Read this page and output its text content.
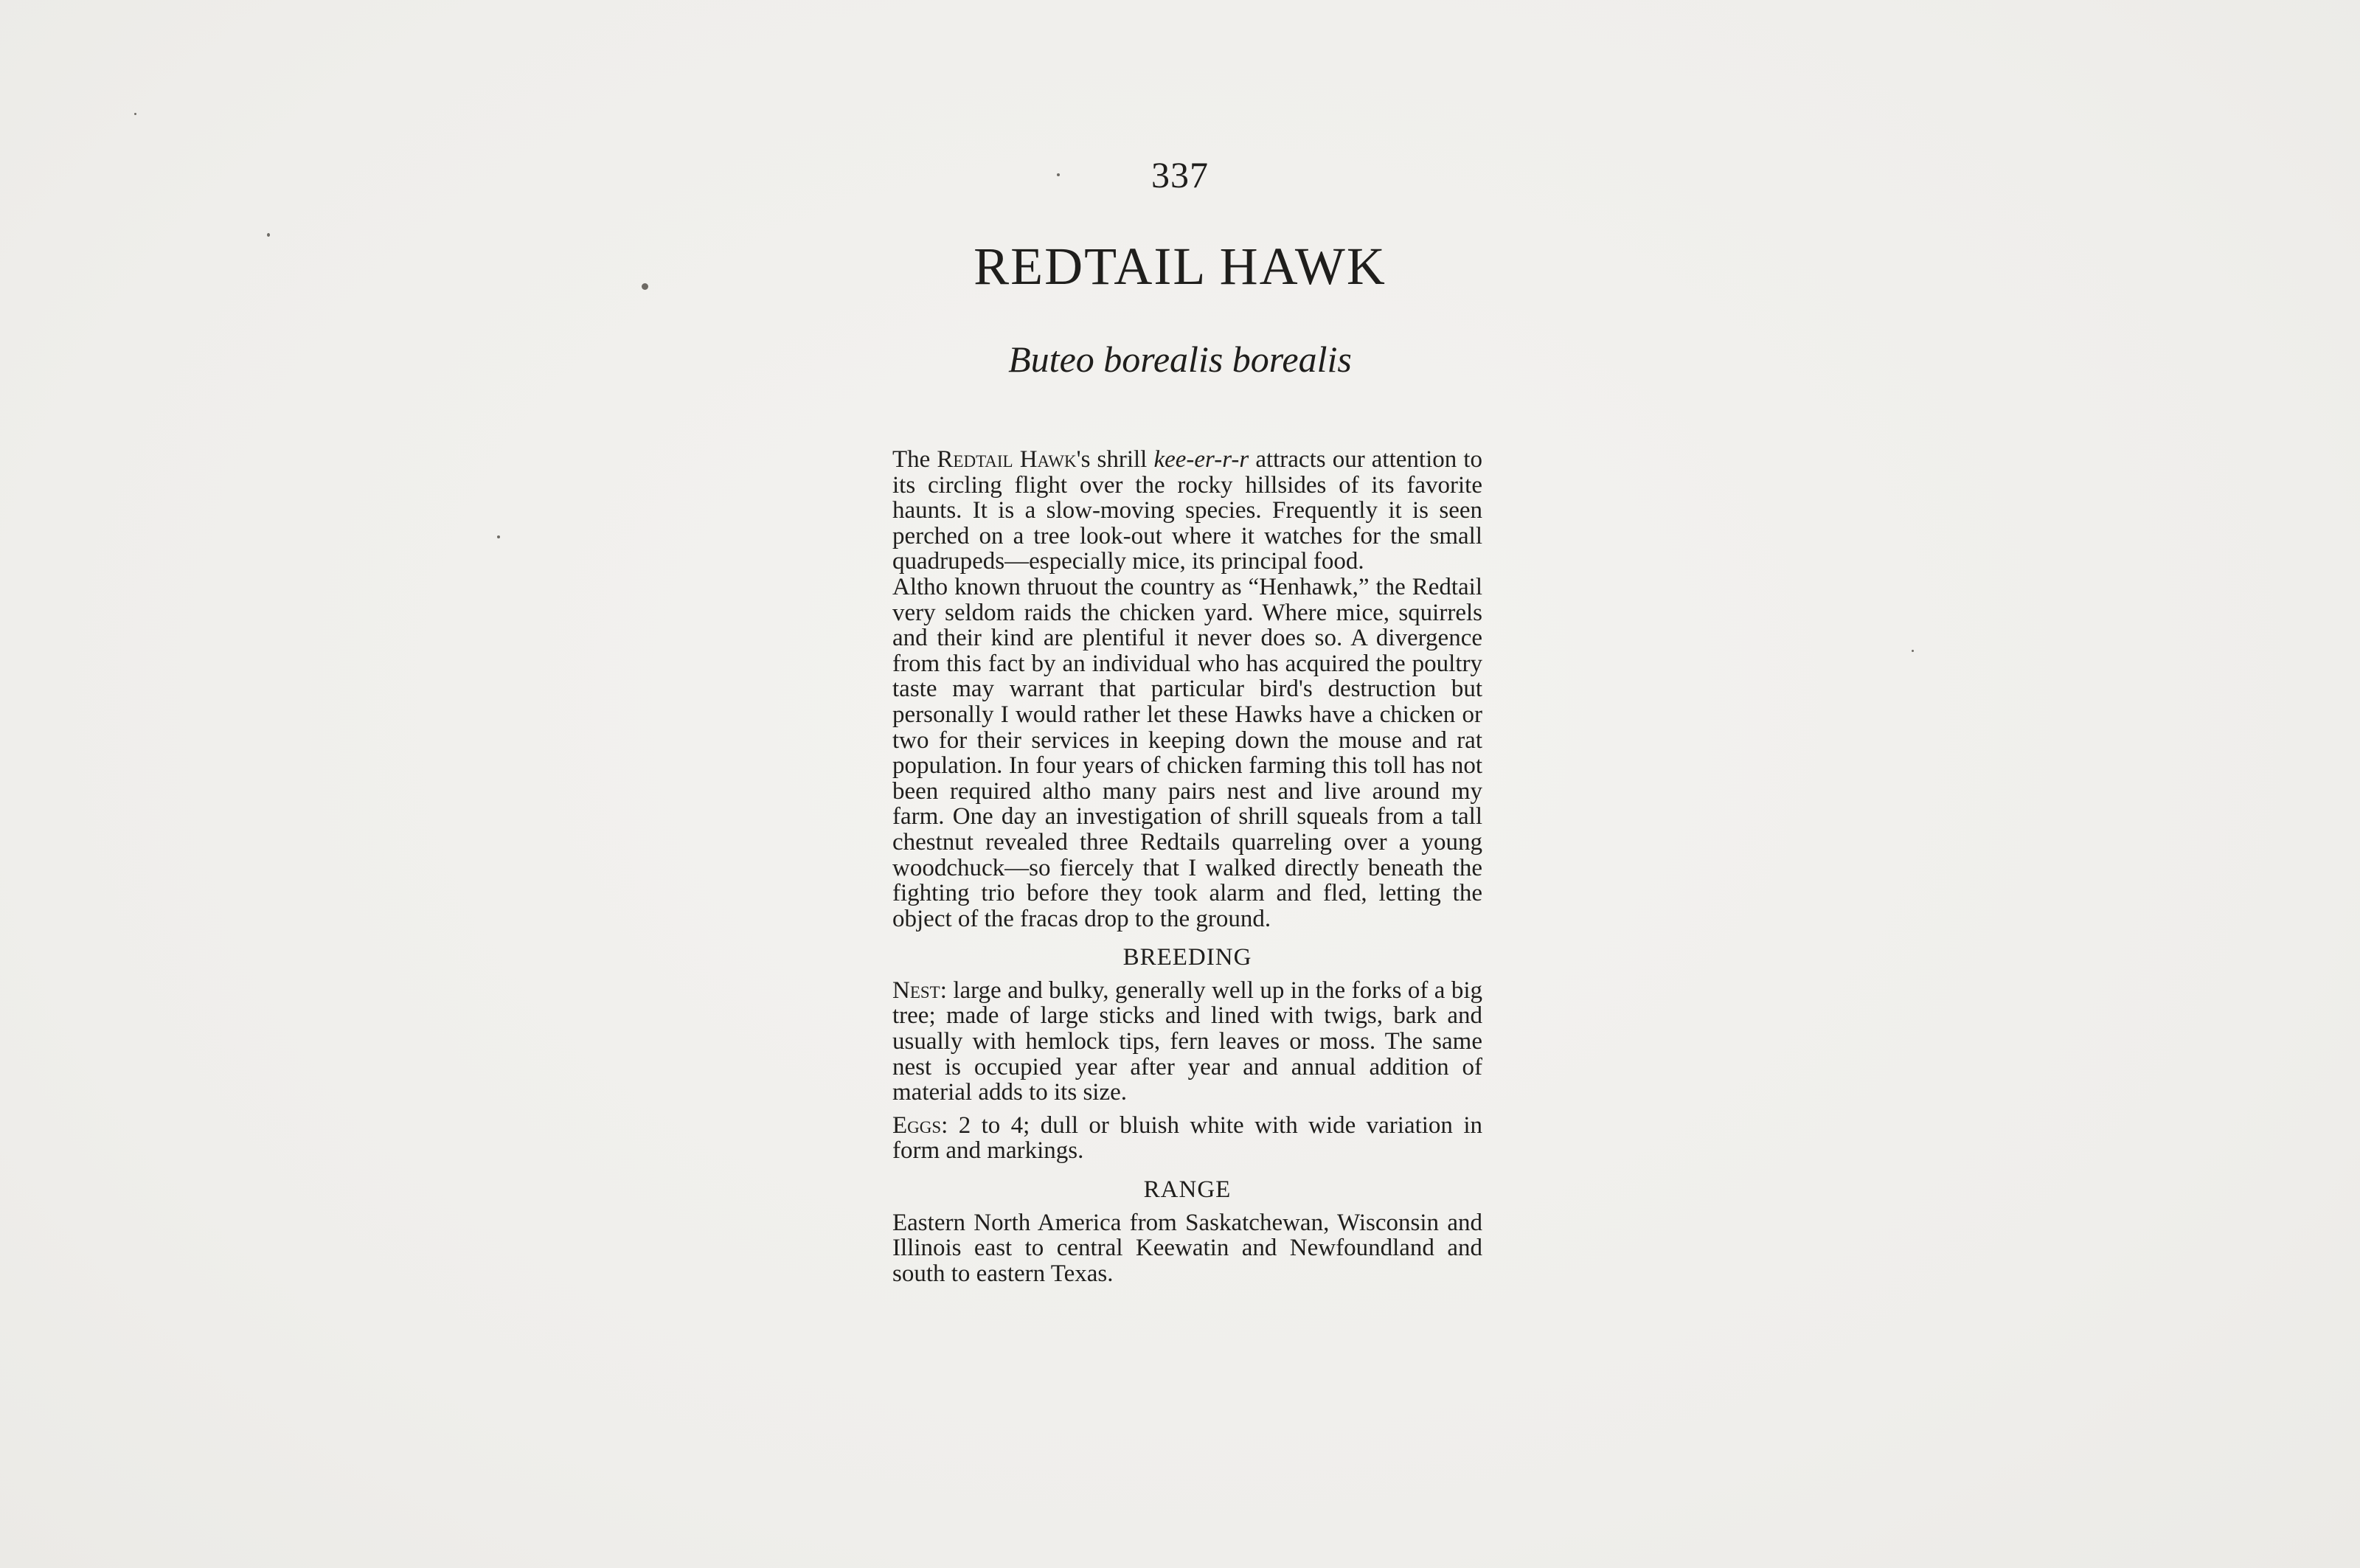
337
REDTAIL HAWK
Buteo borealis borealis

The Redtail Hawk's shrill kee-er-r-r attracts our attention to its circling flight over the rocky hillsides of its favorite haunts. It is a slow-moving species. Frequently it is seen perched on a tree look-out where it watches for the small quadrupeds—especially mice, its principal food.

Altho known thruout the country as “Henhawk,” the Redtail very seldom raids the chicken yard. Where mice, squirrels and their kind are plentiful it never does so. A divergence from this fact by an individual who has acquired the poultry taste may warrant that particular bird's destruction but personally I would rather let these Hawks have a chicken or two for their services in keeping down the mouse and rat population. In four years of chicken farming this toll has not been required altho many pairs nest and live around my farm. One day an investigation of shrill squeals from a tall chestnut revealed three Redtails quarreling over a young woodchuck—so fiercely that I walked directly beneath the fighting trio before they took alarm and fled, letting the object of the fracas drop to the ground.

BREEDING

Nest: large and bulky, generally well up in the forks of a big tree; made of large sticks and lined with twigs, bark and usually with hemlock tips, fern leaves or moss. The same nest is occupied year after year and annual addition of material adds to its size.

Eggs: 2 to 4; dull or bluish white with wide variation in form and markings.

RANGE

Eastern North America from Saskatchewan, Wisconsin and Illinois east to central Keewatin and Newfoundland and south to eastern Texas.
